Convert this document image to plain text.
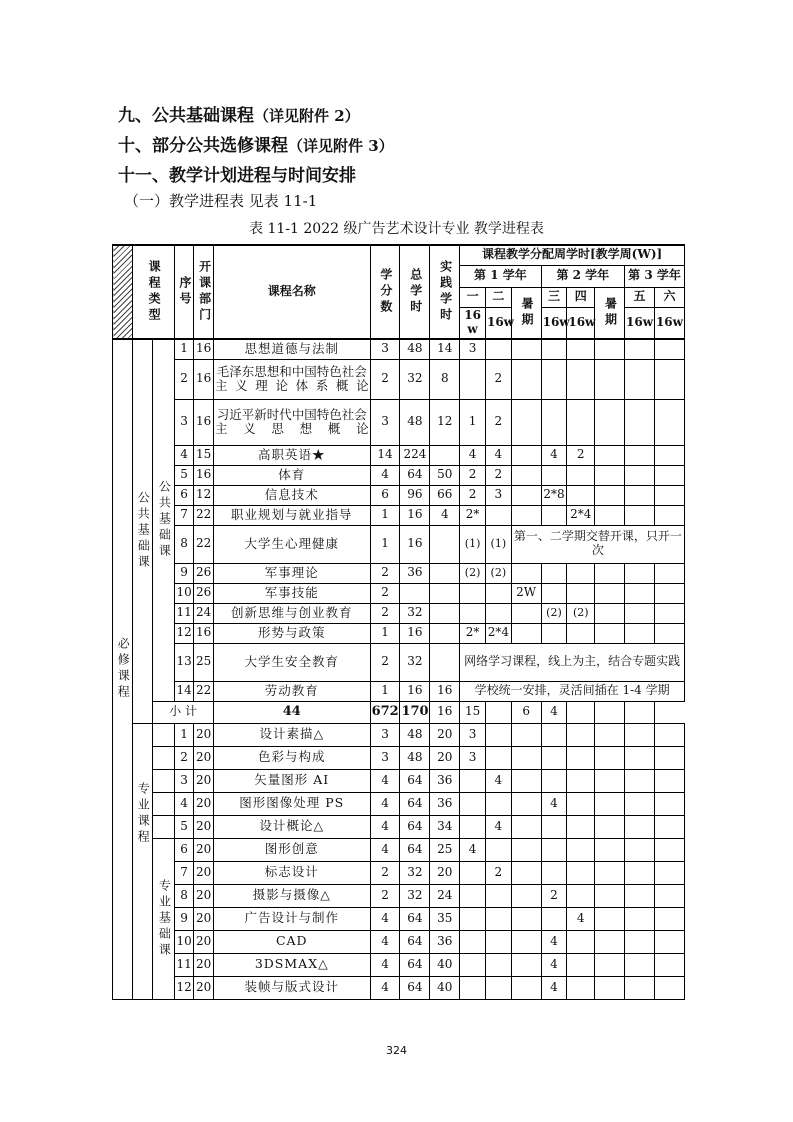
九、公共基础课程（详见附件 2）
十、部分公共选修课程（详见附件 3）
十一、教学计划进程与时间安排
（一）教学进程表 见表 11-1
表 11-1 2022 级广告艺术设计专业 教学进程表

	课程类型		序号	开课部门	课程名称	学分数	总学时	实践学时	课程教学分配周学时[教学周(W)]							
									第 1 学年			第 2 学年			第 3 学年	
									一	二	暑期	三	四	暑期	五	六
									16w	16w		16w	16w		16w	16w

必修课程	公共基础课	公共基础课	1	16	思想道德与法制	3	48	14	3							
			2	16	毛泽东思想和中国特色社会主义理论体系概论	2	32	8		2						
			3	16	习近平新时代中国特色社会主义思想概论	3	48	12	1	2						
			4	15	高职英语★	14	224		4	4		4	2			
			5	16	体育	4	64	50	2	2						
			6	12	信息技术	6	96	66	2	3		2*8				
			7	22	职业规划与就业指导	1	16	4	2*				2*4			
			8	22	大学生心理健康	1	16		(1)	(1)	第一、二学期交替开课，只开一次					
			9	26	军事理论	2	36		(2)	(2)						
			10	26	军事技能	2					2W					
			11	24	创新思维与创业教育	2	32					(2)	(2)			
			12	16	形势与政策	1	16		2*	2*4						
			13	25	大学生安全教育	2	32		网络学习课程，线上为主，结合专题实践							
			14	22	劳动教育	1	16	16	学校统一安排，灵活间插在 1-4 学期							
		小 计			44	672	170	16	15		6	4				

	专业课程		1	20	设计素描△	3	48	20	3							
			2	20	色彩与构成	3	48	20	3							
			3	20	矢量图形 AI	4	64	36		4						
			4	20	图形图像处理 PS	4	64	36				4				
			5	20	设计概论△	4	64	34		4						

		专业基础课	6	20	图形创意	4	64	25	4							
			7	20	标志设计	2	32	20		2						
			8	20	摄影与摄像△	2	32	24				2				
			9	20	广告设计与制作	4	64	35					4			
			10	20	CAD	4	64	36				4				
			11	20	3DSMAX△	4	64	40				4				
			12	20	装帧与版式设计	4	64	40				4				
324
